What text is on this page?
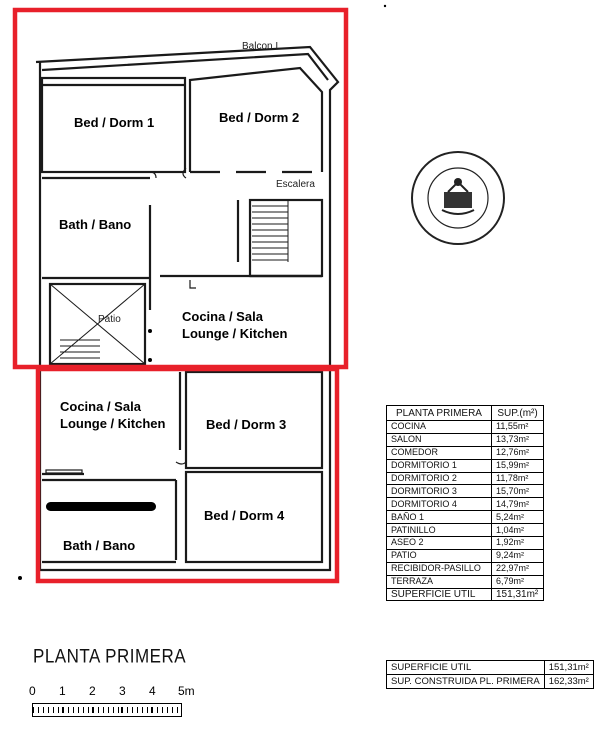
Bed / Dorm 1	Bed / Dorm 2
Bath / Bano
Cocina / Sala
Lounge / Kitchen
Cocina / Sala
Lounge / Kitchen	Bed / Dorm 3
Bed / Dorm 4
Bath / Bano
Balcon I
Escalera
Patio
PLANTA PRIMERA
0 1 2 3 4 5m
PLANTA PRIMERA	SUP.(m²)
COCINA	11,55m²
SALON	13,73m²
COMEDOR	12,76m²
DORMITORIO 1	15,99m²
DORMITORIO 2	11,78m²
DORMITORIO 3	15,70m²
DORMITORIO 4	14,79m²
BAÑO 1	5,24m²
PATINILLO	1,04m²
ASEO 2	1,92m²
PATIO	9,24m²
RECIBIDOR-PASILLO	22,97m²
TERRAZA	6,79m²
SUPERFICIE UTIL	151,31m²
SUPERFICIE UTIL	151,31m²
SUP. CONSTRUIDA PL. PRIMERA	162,33m²
